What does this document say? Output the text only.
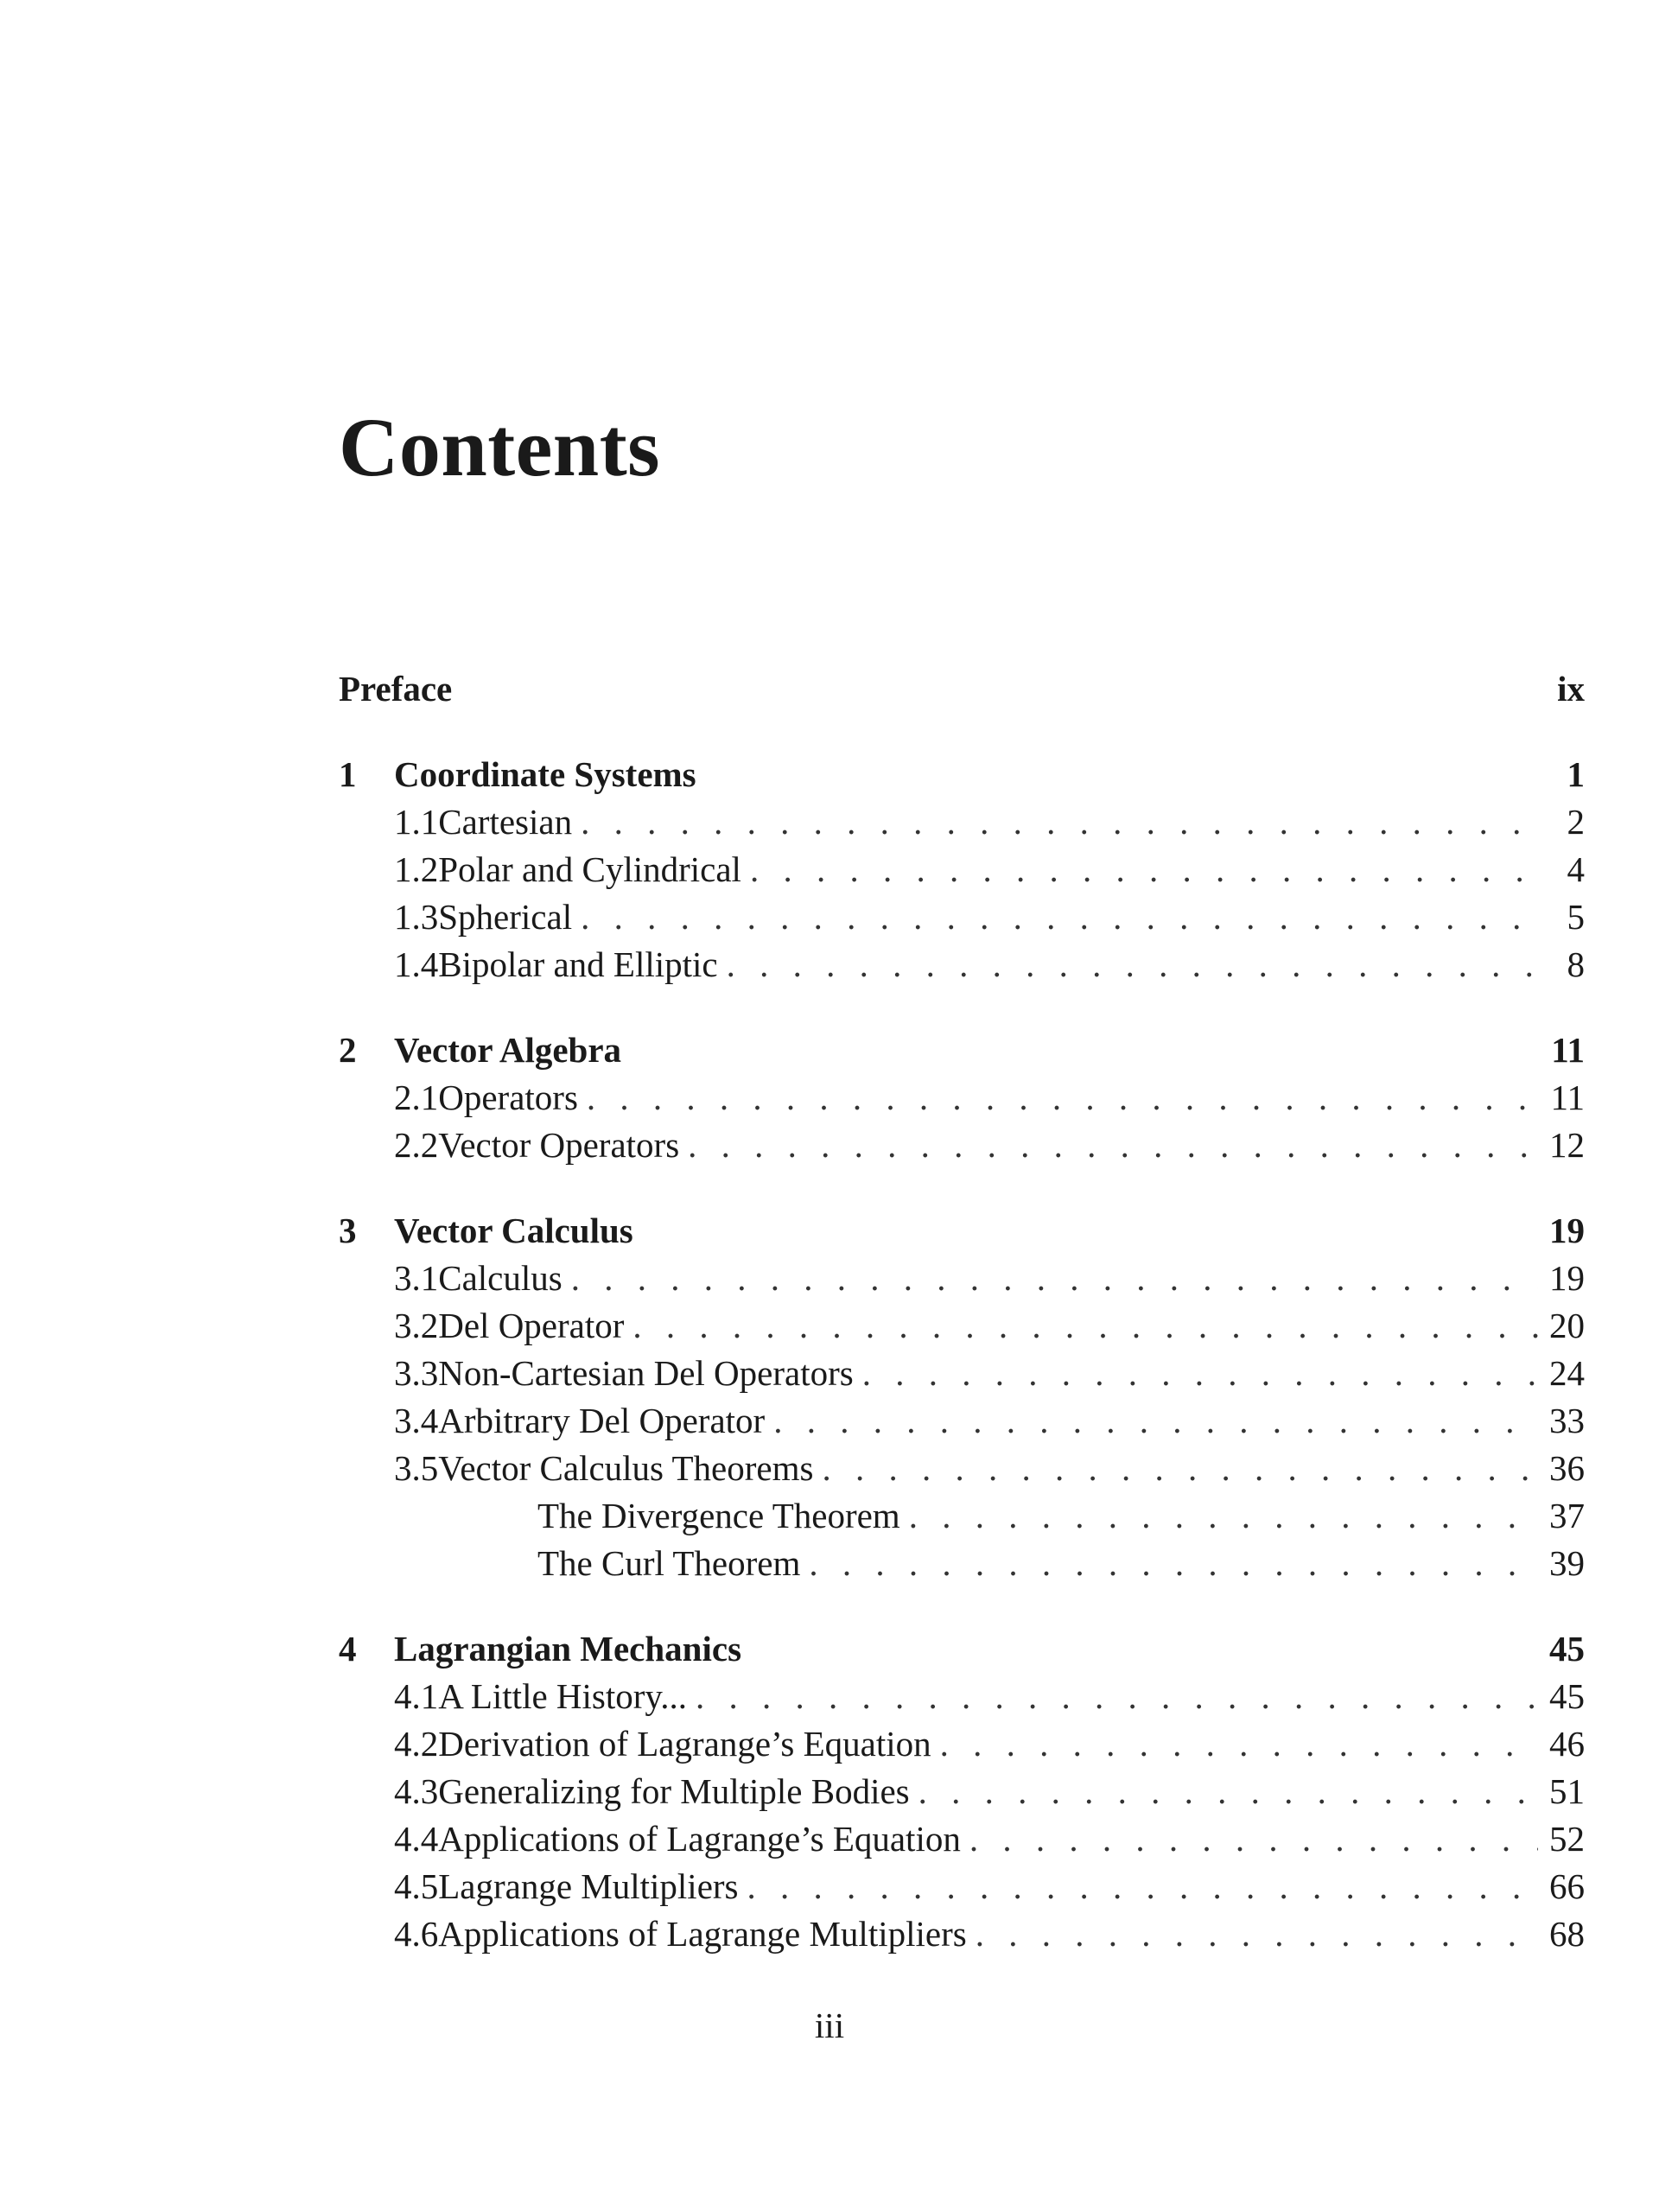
Contents
Preface	ix
1	Coordinate Systems	1
1.1 Cartesian . . .	2
1.2 Polar and Cylindrical . . .	4
1.3 Spherical . . .	5
1.4 Bipolar and Elliptic . . .	8
2	Vector Algebra	11
2.1 Operators . . .	11
2.2 Vector Operators . . .	12
3	Vector Calculus	19
3.1 Calculus . . .	19
3.2 Del Operator . . .	20
3.3 Non-Cartesian Del Operators . . .	24
3.4 Arbitrary Del Operator . . .	33
3.5 Vector Calculus Theorems . . .	36
The Divergence Theorem . . .	37
The Curl Theorem . . .	39
4	Lagrangian Mechanics	45
4.1 A Little History... . . .	45
4.2 Derivation of Lagrange’s Equation . . .	46
4.3 Generalizing for Multiple Bodies . . .	51
4.4 Applications of Lagrange’s Equation . . .	52
4.5 Lagrange Multipliers . . .	66
4.6 Applications of Lagrange Multipliers . . .	68
iii
